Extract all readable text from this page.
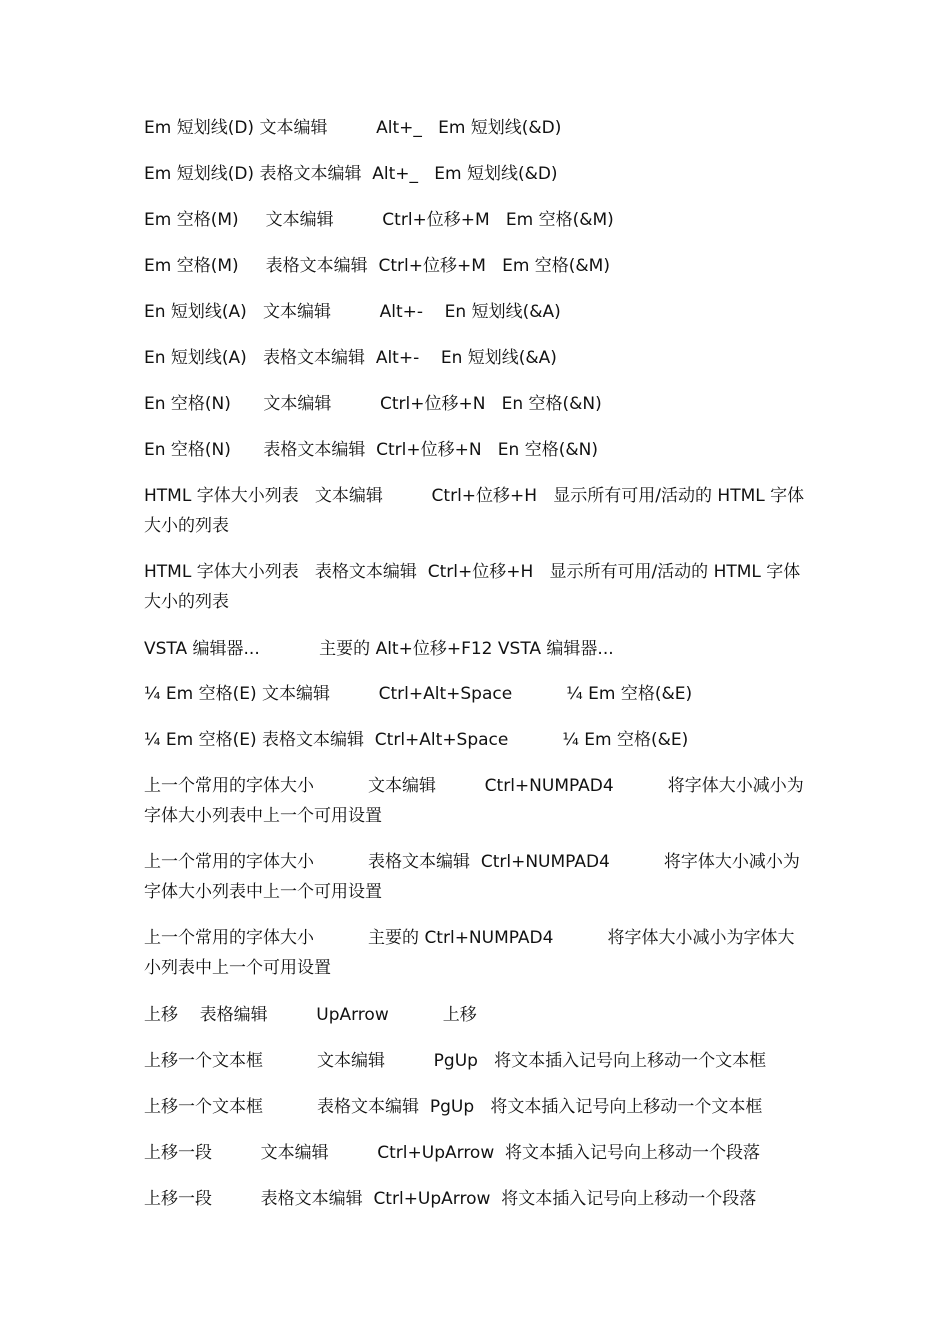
Em 短划线(D) 文本编辑         Alt+_   Em 短划线(&D)
Em 短划线(D) 表格文本编辑  Alt+_   Em 短划线(&D)
Em 空格(M)     文本编辑         Ctrl+位移+M   Em 空格(&M)
Em 空格(M)     表格文本编辑  Ctrl+位移+M   Em 空格(&M)
En 短划线(A)   文本编辑         Alt+-    En 短划线(&A)
En 短划线(A)   表格文本编辑  Alt+-    En 短划线(&A)
En 空格(N)      文本编辑         Ctrl+位移+N   En 空格(&N)
En 空格(N)      表格文本编辑  Ctrl+位移+N   En 空格(&N)
HTML 字体大小列表   文本编辑         Ctrl+位移+H   显示所有可用/活动的 HTML 字体大小的列表
HTML 字体大小列表   表格文本编辑  Ctrl+位移+H   显示所有可用/活动的 HTML 字体大小的列表
VSTA 编辑器...           主要的 Alt+位移+F12 VSTA 编辑器...
¼ Em 空格(E) 文本编辑         Ctrl+Alt+Space          ¼ Em 空格(&E)
¼ Em 空格(E) 表格文本编辑  Ctrl+Alt+Space          ¼ Em 空格(&E)
上一个常用的字体大小          文本编辑         Ctrl+NUMPAD4          将字体大小减小为字体大小列表中上一个可用设置
上一个常用的字体大小          表格文本编辑  Ctrl+NUMPAD4          将字体大小减小为字体大小列表中上一个可用设置
上一个常用的字体大小          主要的 Ctrl+NUMPAD4          将字体大小减小为字体大小列表中上一个可用设置
上移    表格编辑         UpArrow          上移
上移一个文本框          文本编辑         PgUp   将文本插入记号向上移动一个文本框
上移一个文本框          表格文本编辑  PgUp   将文本插入记号向上移动一个文本框
上移一段         文本编辑         Ctrl+UpArrow  将文本插入记号向上移动一个段落
上移一段         表格文本编辑  Ctrl+UpArrow  将文本插入记号向上移动一个段落
